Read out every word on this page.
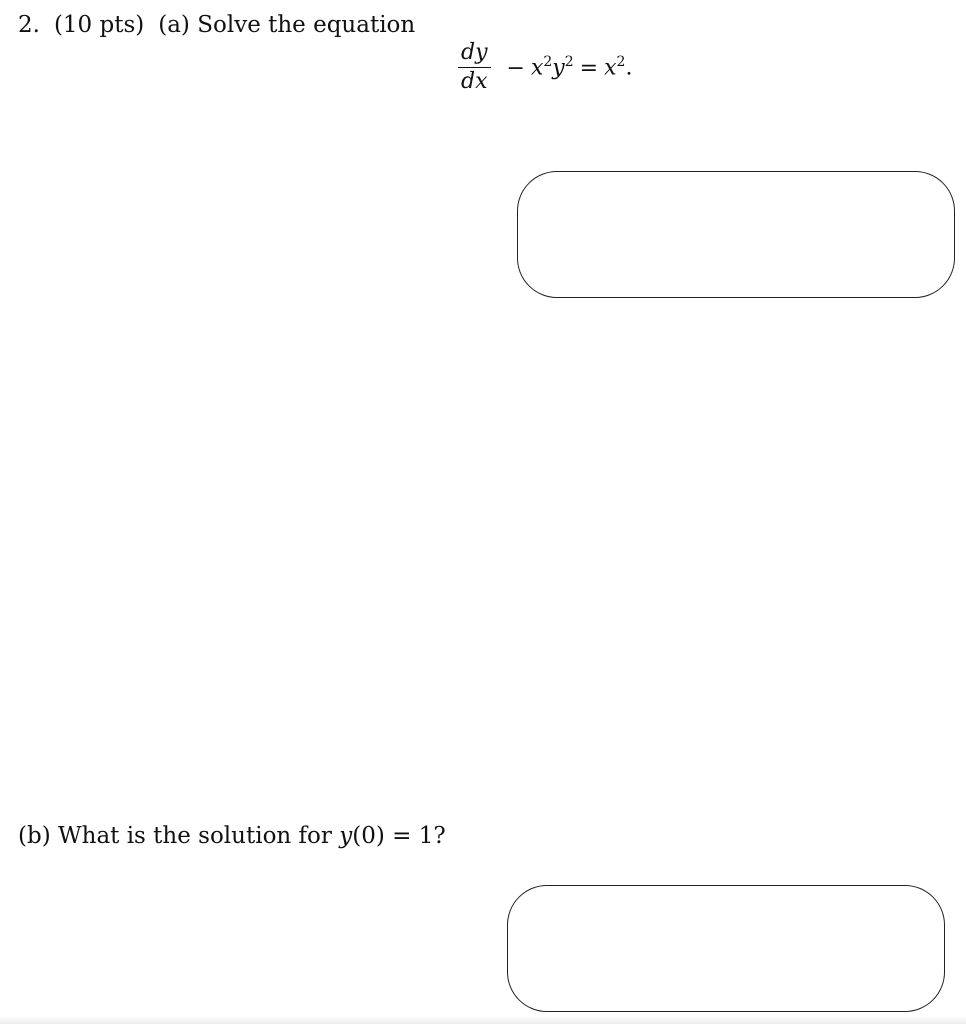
2. (10 pts) (a) Solve the equation
$\frac{dy}{dx} - x^2y^2 = x^2$.
(b) What is the solution for y(0) = 1?
